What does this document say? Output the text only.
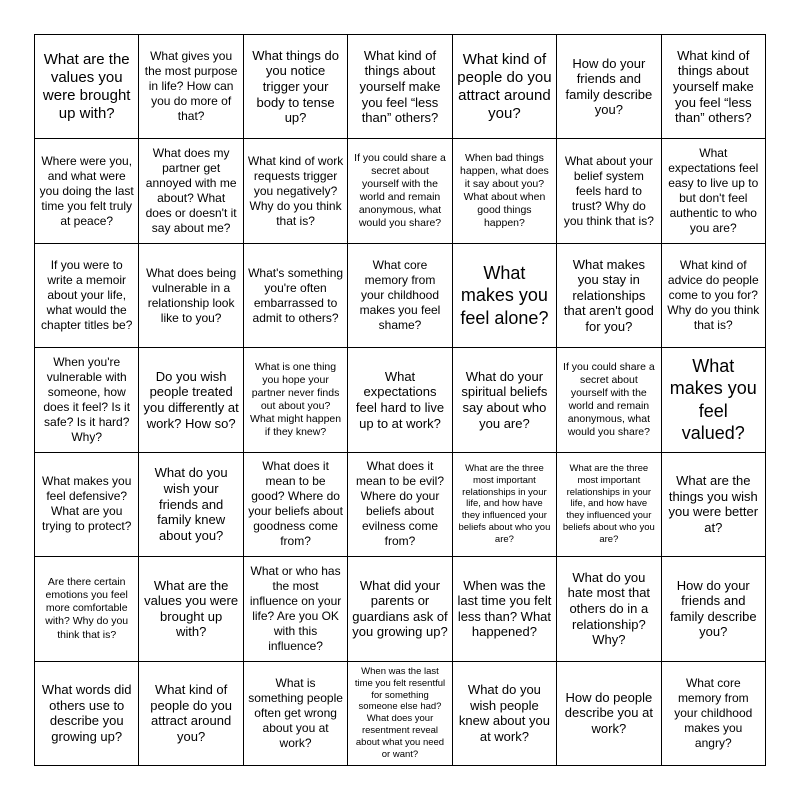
What are the values you were brought up with?
What gives you the most purpose in life? How can you do more of that?
What things do you notice trigger your body to tense up?
What kind of things about yourself make you feel “less than” others?
What kind of people do you attract around you?
How do your friends and family describe you?
What kind of things about yourself make you feel “less than” others?
Where were you, and what were you doing the last time you felt truly at peace?
What does my partner get annoyed with me about? What does or doesn't it say about me?
What kind of work requests trigger you negatively? Why do you think that is?
If you could share a secret about yourself with the world and remain anonymous, what would you share?
When bad things happen, what does it say about you? What about when good things happen?
What about your belief system feels hard to trust? Why do you think that is?
What expectations feel easy to live up to but don't feel authentic to who you are?
If you were to write a memoir about your life, what would the chapter titles be?
What does being vulnerable in a relationship look like to you?
What's something you're often embarrassed to admit to others?
What core memory from your childhood makes you feel shame?
What makes you feel alone?
What makes you stay in relationships that aren't good for you?
What kind of advice do people come to you for? Why do you think that is?
When you're vulnerable with someone, how does it feel? Is it safe? Is it hard? Why?
Do you wish people treated you differently at work? How so?
What is one thing you hope your partner never finds out about you? What might happen if they knew?
What expectations feel hard to live up to at work?
What do your spiritual beliefs say about who you are?
If you could share a secret about yourself with the world and remain anonymous, what would you share?
What makes you feel valued?
What makes you feel defensive? What are you trying to protect?
What do you wish your friends and family knew about you?
What does it mean to be good? Where do your beliefs about goodness come from?
What does it mean to be evil? Where do your beliefs about evilness come from?
What are the three most important relationships in your life, and how have they influenced your beliefs about who you are?
What are the three most important relationships in your life, and how have they influenced your beliefs about who you are?
What are the things you wish you were better at?
Are there certain emotions you feel more comfortable with? Why do you think that is?
What are the values you were brought up with?
What or who has the most influence on your life? Are you OK with this influence?
What did your parents or guardians ask of you growing up?
When was the last time you felt less than? What happened?
What do you hate most that others do in a relationship? Why?
How do your friends and family describe you?
What words did others use to describe you growing up?
What kind of people do you attract around you?
What is something people often get wrong about you at work?
When was the last time you felt resentful for something someone else had? What does your resentment reveal about what you need or want?
What do you wish people knew about you at work?
How do people describe you at work?
What core memory from your childhood makes you angry?
